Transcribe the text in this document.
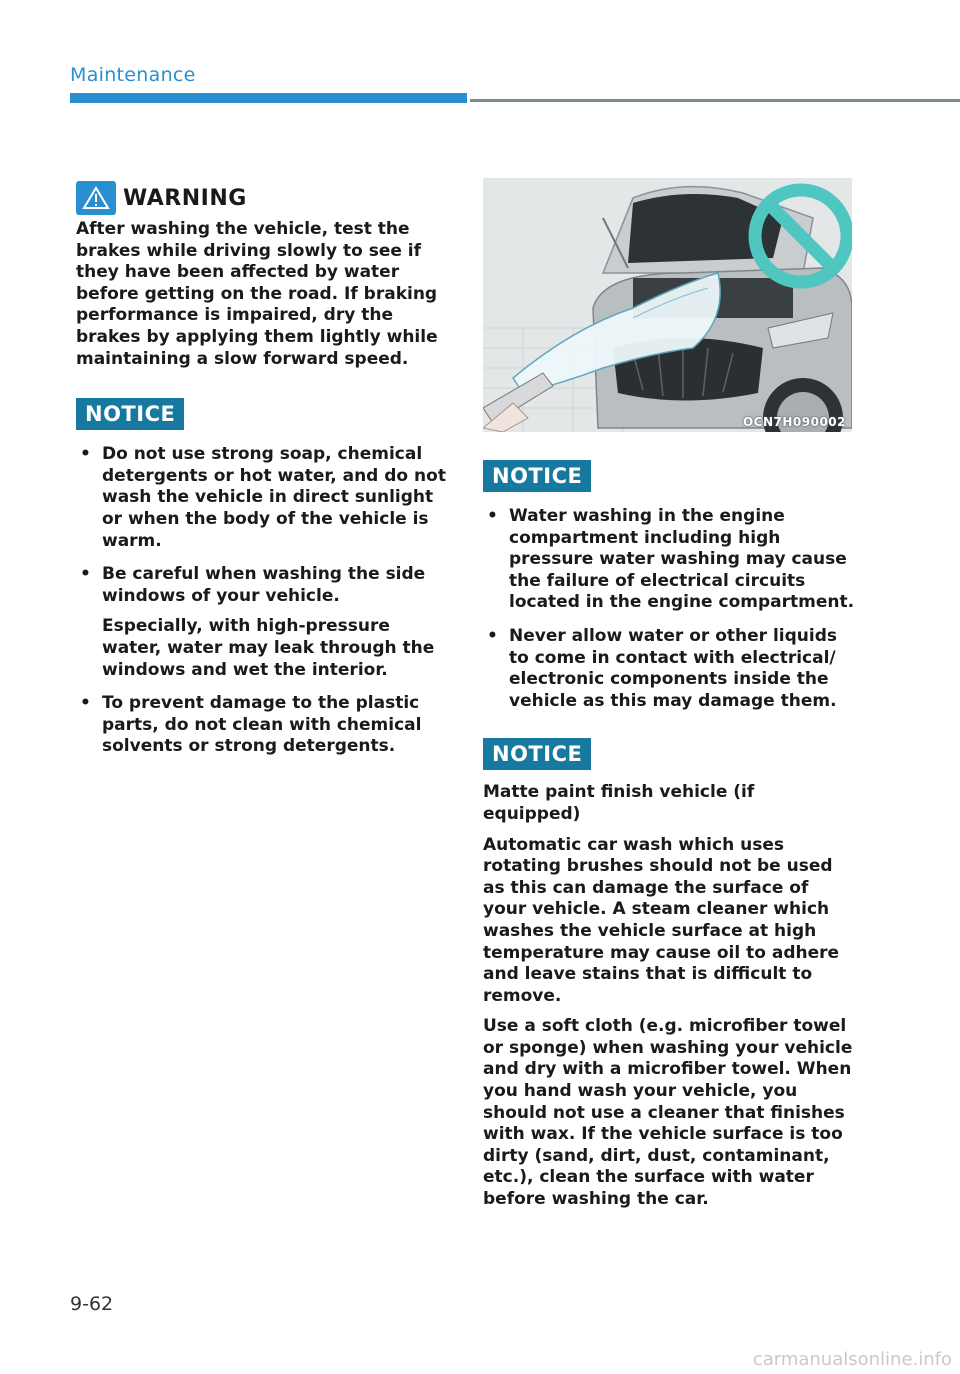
Maintenance
WARNING

After washing the vehicle, test the brakes while driving slowly to see if they have been affected by water before getting on the road. If braking performance is impaired, dry the brakes by applying them lightly while maintaining a slow forward speed.

NOTICE
• Do not use strong soap, chemical detergents or hot water, and do not wash the vehicle in direct sunlight or when the body of the vehicle is warm.
• Be careful when washing the side windows of your vehicle.
Especially, with high-pressure water, water may leak through the windows and wet the interior.
• To prevent damage to the plastic parts, do not clean with chemical solvents or strong detergents.
OCN7H090002
NOTICE
• Water washing in the engine compartment including high pressure water washing may cause the failure of electrical circuits located in the engine compartment.
• Never allow water or other liquids to come in contact with electrical/ electronic components inside the vehicle as this may damage them.
NOTICE

Matte paint finish vehicle (if equipped)

Automatic car wash which uses rotating brushes should not be used as this can damage the surface of your vehicle. A steam cleaner which washes the vehicle surface at high temperature may cause oil to adhere and leave stains that is difficult to remove.

Use a soft cloth (e.g. microfiber towel or sponge) when washing your vehicle and dry with a microfiber towel. When you hand wash your vehicle, you should not use a cleaner that finishes with wax. If the vehicle surface is too dirty (sand, dirt, dust, contaminant, etc.), clean the surface with water before washing the car.

9-62
carmanualsonline.info
